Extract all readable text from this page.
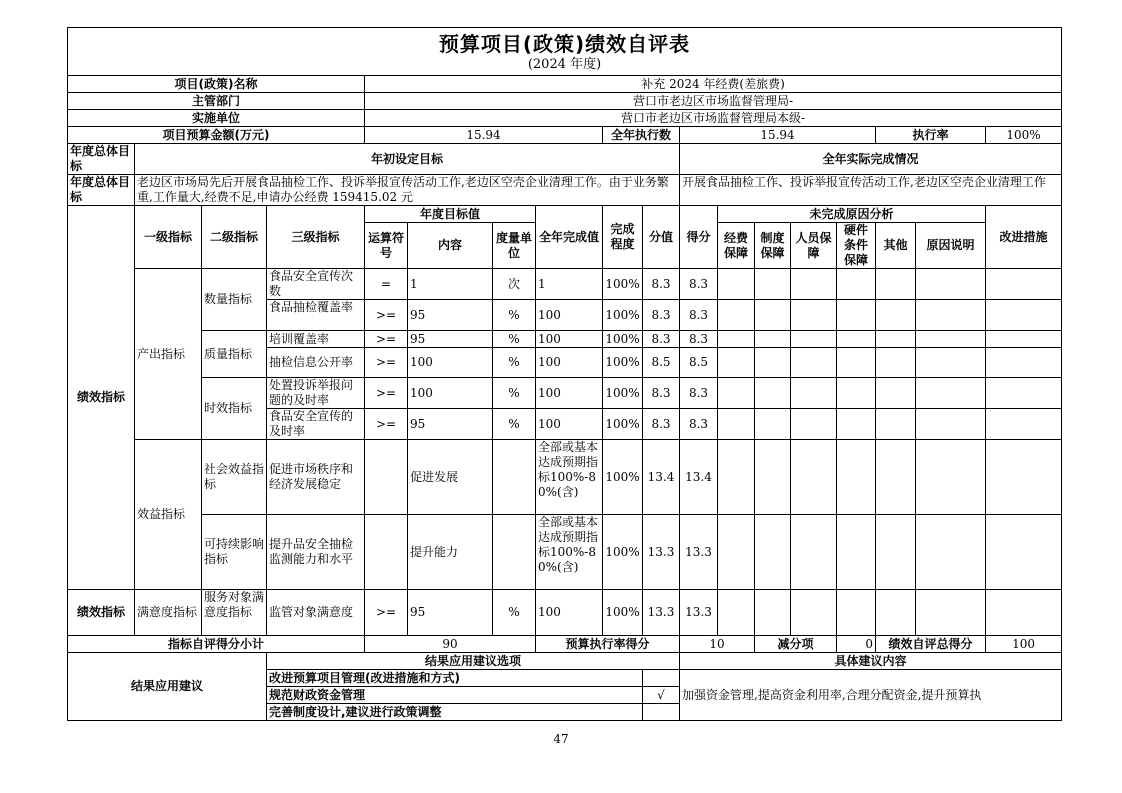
预算项目(政策)绩效自评表
(2024 年度)																	

项目(政策)名称				补充 2024 年经费(差旅费)													
主管部门				营口市老边区市场监督管理局-													
实施单位				营口市老边区市场监督管理局本级-													
项目预算金额(万元)				15.94				全年执行数		15.94					执行率		100%

年度总体目标	年初设定目标									全年实际完成情况							

年度总体目标	老边区市场局先后开展食品抽检工作、投诉举报宣传活动工作,老边区空壳企业清理工作。由于业务繁重,工作量大,经费不足,申请办公经费 159415.02 元									开展食品抽检工作、投诉举报宣传活动工作,老边区空壳企业清理工作							

绩效指标	一级指标	二级指标	三级指标	年度目标值			全年完成值	完成程度	分值	得分	未完成原因分析						改进措施
				运算符号	内容	度量单位					经费保障	制度保障	人员保障	硬件条件保障	其他	原因说明	
	产出指标	数量指标	食品安全宣传次数	=	1	次	1	100%	8.3	8.3							

			食品抽检覆盖率	>=	95	%	100	100%	8.3	8.3							
		质量指标	培训覆盖率	>=	95	%	100	100%	8.3	8.3							
			抽检信息公开率	>=	100	%	100	100%	8.5	8.5							
		时效指标	处置投诉举报问题的及时率	>=	100	%	100	100%	8.3	8.3							

			食品安全宣传的及时率	>=	95	%	100	100%	8.3	8.3							
	效益指标	社会效益指标	促进市场秩序和经济发展稳定		促进发展		全部或基本达成预期指标100%-80%(含)	100%	13.4	13.4							
		可持续影响指标	提升品安全抽检监测能力和水平		提升能力		全部或基本达成预期指标100%-80%(含)	100%	13.3	13.3							
绩效指标	满意度指标	服务对象满意度指标	监管对象满意度	>=	95	%	100	100%	13.3	13.3							
指标自评得分小计				90			预算执行率得分			10		减分项		0	绩效自评总得分		100
结果应用建议			结果应用建议选项							具体建议内容							
			改进预算项目管理(改进措施和方式)							加强资金管理,提高资金利用率,合理分配资金,提升预算执							

			规范财政资金管理						√								
			完善制度设计,建议进行政策调整														
47
